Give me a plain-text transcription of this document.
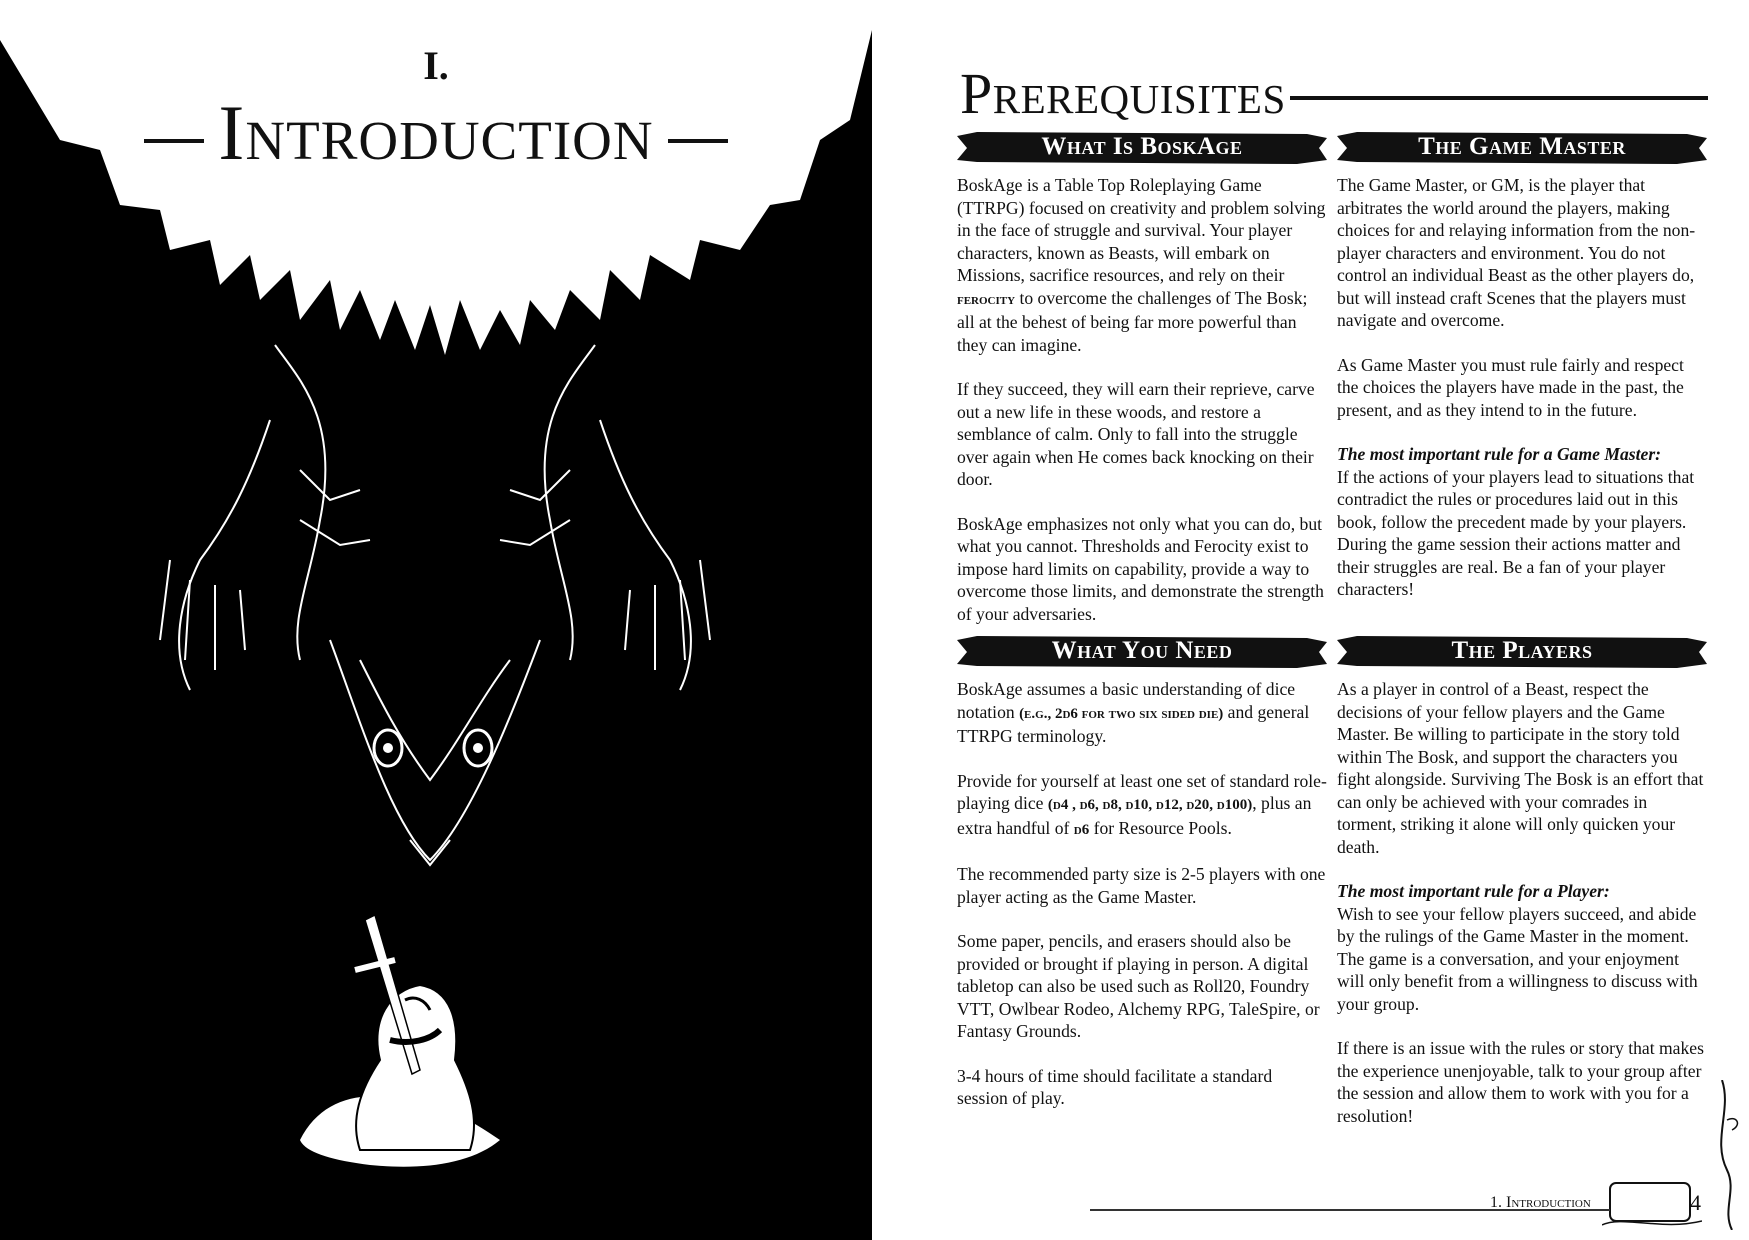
I.
Introduction	Prerequisites
What Is BoskAge

BoskAge is a Table Top Roleplaying Game (TTRPG) focused on creativity and problem solving in the face of struggle and survival. Your player characters, known as Beasts, will embark on Missions, sacrifice resources, and rely on their ferocity to overcome the challenges of The Bosk; all at the behest of being far more powerful than they can imagine.

If they succeed, they will earn their reprieve, carve out a new life in these woods, and restore a semblance of calm. Only to fall into the struggle over again when He comes back knocking on their door.

BoskAge emphasizes not only what you can do, but what you cannot. Thresholds and Ferocity exist to impose hard limits on capability, provide a way to overcome those limits, and demonstrate the strength of your adversaries.

What You Need

BoskAge assumes a basic understanding of dice notation (e.g., 2d6 for two six sided die) and general TTRPG terminology.

Provide for yourself at least one set of standard role-playing dice (d4 , d6, d8, d10, d12, d20, d100), plus an extra handful of d6 for Resource Pools.

The recommended party size is 2-5 players with one player acting as the Game Master.

Some paper, pencils, and erasers should also be provided or brought if playing in person. A digital tabletop can also be used such as Roll20, Foundry VTT, Owlbear Rodeo, Alchemy RPG, TaleSpire, or Fantasy Grounds.

3-4 hours of time should facilitate a standard session of play.

The Game Master

The Game Master, or GM, is the player that arbitrates the world around the players, making choices for and relaying information from the non-player characters and environment. You do not control an individual Beast as the other players do, but will instead craft Scenes that the players must navigate and overcome.

As Game Master you must rule fairly and respect the choices the players have made in the past, the present, and as they intend to in the future.

The most important rule for a Game Master:
If the actions of your players lead to situations that contradict the rules or procedures laid out in this book, follow the precedent made by your players. During the game session their actions matter and their struggles are real. Be a fan of your player characters!

The Players

As a player in control of a Beast, respect the decisions of your fellow players and the Game Master. Be willing to participate in the story told within The Bosk, and support the characters you fight alongside. Surviving The Bosk is an effort that can only be achieved with your comrades in torment, striking it alone will only quicken your death.

The most important rule for a Player:
Wish to see your fellow players succeed, and abide by the rulings of the Game Master in the moment. The game is a conversation, and your enjoyment will only benefit from a willingness to discuss with your group.

If there is an issue with the rules or story that makes the experience unenjoyable, talk to your group after the session and allow them to work with you for a resolution!

1. Introduction	4
